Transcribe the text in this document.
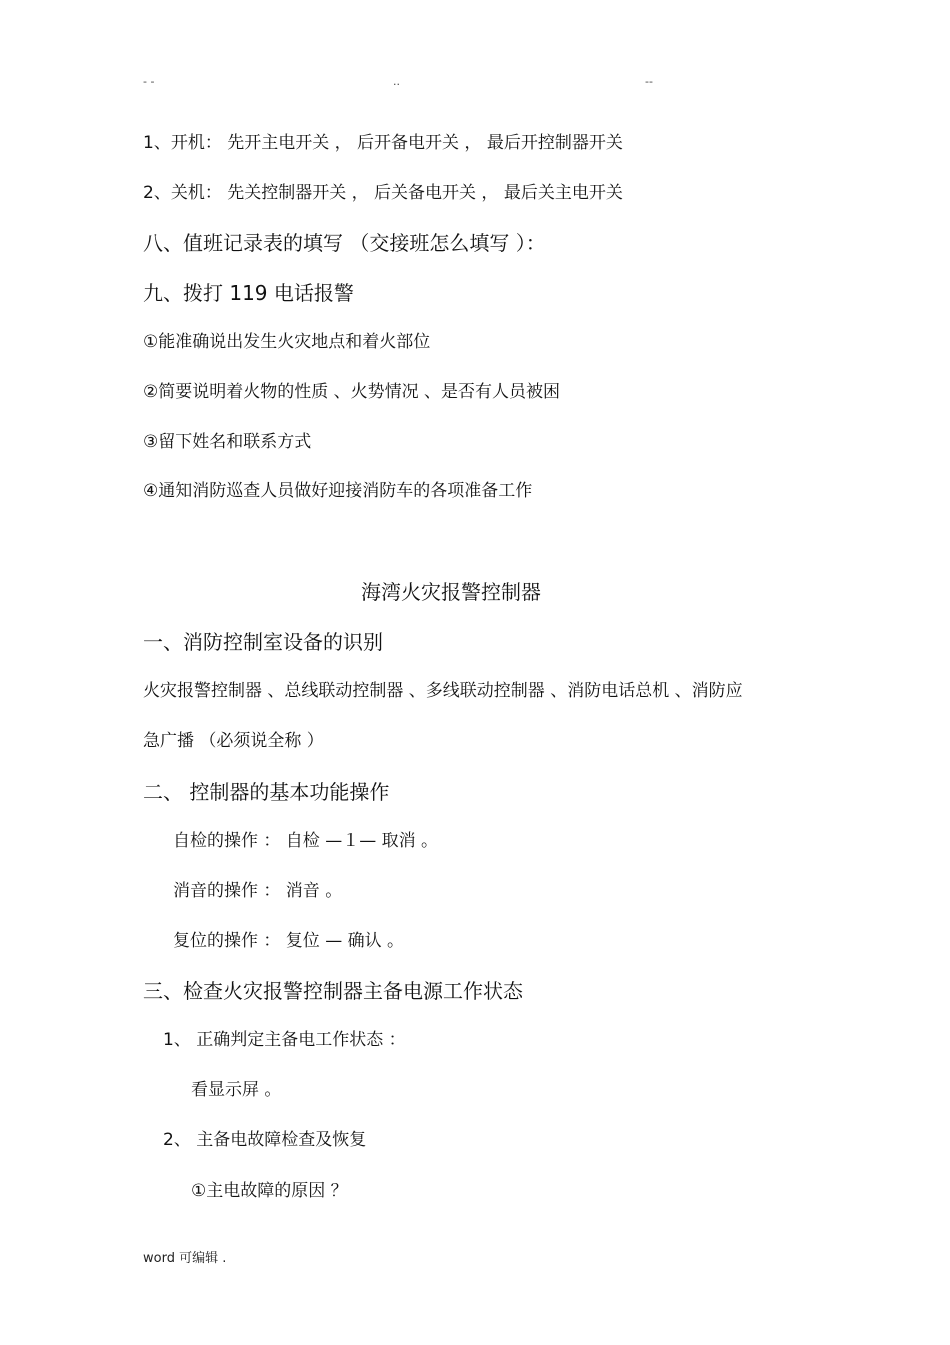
- -	..	--
1、开机： 先开主电开关 ， 后开备电开关 ， 最后开控制器开关
2、关机： 先关控制器开关 ， 后关备电开关 ， 最后关主电开关
八、值班记录表的填写 （交接班怎么填写 ）：
九、拨打 119 电话报警
①能准确说出发生火灾地点和着火部位
②简要说明着火物的性质 、火势情况 、是否有人员被困
③留下姓名和联系方式
④通知消防巡查人员做好迎接消防车的各项准备工作
海湾火灾报警控制器
一、消防控制室设备的识别
火灾报警控制器 、总线联动控制器 、多线联动控制器 、消防电话总机 、消防应
急广播 （必须说全称 ）
二、 控制器的基本功能操作
自检的操作 ： 自检 —１— 取消 。
消音的操作 ： 消音 。
复位的操作 ： 复位 — 确认 。
三、检查火灾报警控制器主备电源工作状态
1、 正确判定主备电工作状态 ：
看显示屏 。
2、 主备电故障检查及恢复
①主电故障的原因 ？
word 可编辑 .
